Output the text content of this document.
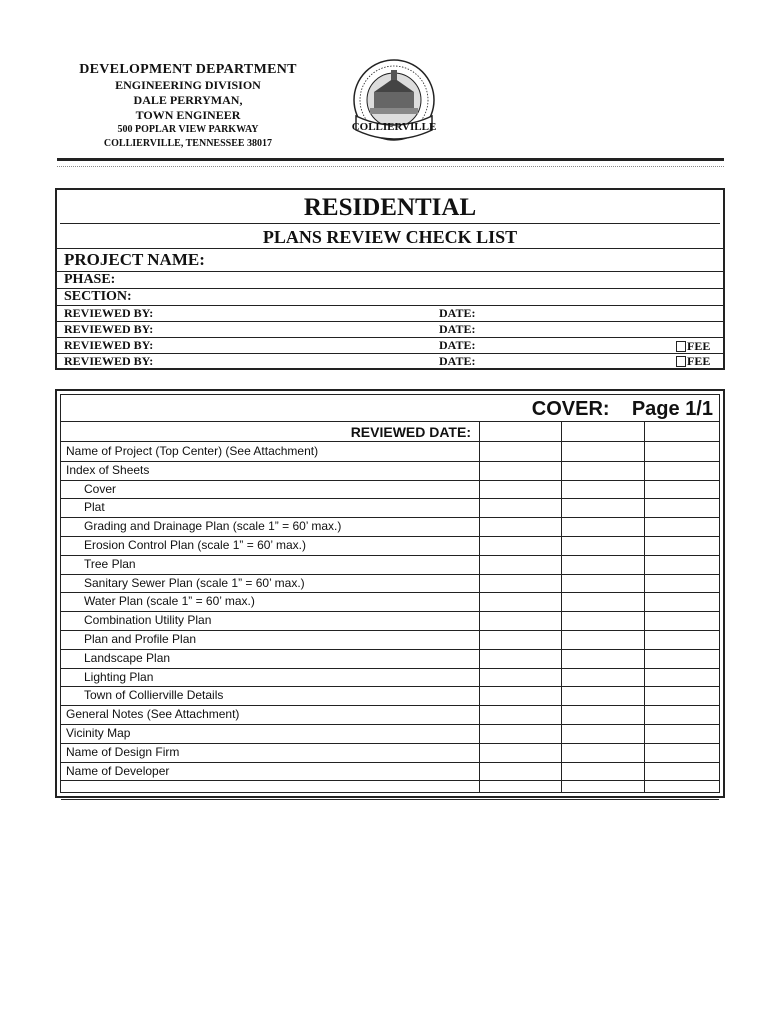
DEVELOPMENT DEPARTMENT
ENGINEERING DIVISION
DALE PERRYMAN,
TOWN ENGINEER
500 POPLAR VIEW PARKWAY
COLLIERVILLE, TENNESSEE 38017
COLLIERVILLE
RESIDENTIAL
PLANS REVIEW CHECK LIST
PROJECT NAME:
PHASE:
SECTION:
REVIEWED BY:	DATE:
REVIEWED BY:	DATE:
REVIEWED BY:	DATE:	FEE
REVIEWED BY:	DATE:	FEE
COVER: Page 1/1
REVIEWED DATE:
Name of Project (Top Center) (See Attachment)
Index of Sheets
Cover
Plat
Grading and Drainage Plan (scale 1” = 60’ max.)
Erosion Control Plan (scale 1” = 60’ max.)
Tree Plan
Sanitary Sewer Plan (scale 1” = 60’ max.)
Water Plan (scale 1” = 60’ max.)
Combination Utility Plan
Plan and Profile Plan
Landscape Plan
Lighting Plan
Town of Collierville Details
General Notes (See Attachment)
Vicinity Map
Name of Design Firm
Name of Developer
